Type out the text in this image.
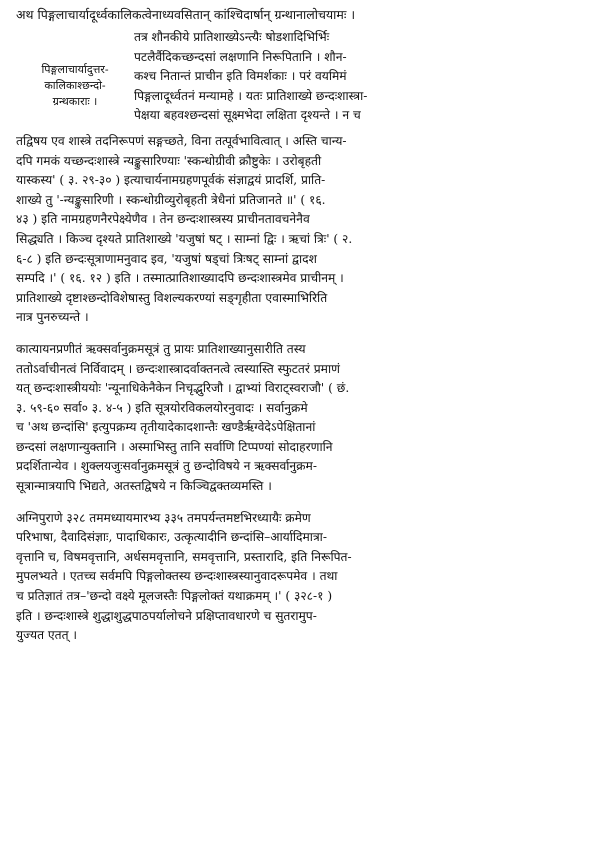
अथ पिङ्गलाचार्यादूर्ध्वकालिकत्वेनाध्यवसितान् कांश्चिदार्षान् ग्रन्थानालोचयामः ।
पिङ्गलाचार्यादुत्तर-
कालिकाश्छन्दो-
ग्रन्थकाराः ।
तत्र शौनकीये प्रातिशाख्येऽन्त्यैः षोडशादिभिर्भिः
पटलैर्वैदिकच्छन्दसां लक्षणानि निरूपितानि । शौन-
कश्च नितान्तं प्राचीन इति विमर्शकाः । परं वयमिमं
पिङ्गलादूर्ध्वतनं मन्यामहे । यतः प्रातिशाख्ये छन्दःशास्त्रा-
पेक्षया बहवश्छन्दसां सूक्ष्मभेदा लक्षिता दृश्यन्ते । न च
तद्विषय एव शास्त्रे तदनिरूपणं सङ्गच्छते, विना तत्पूर्वभावित्वात् । अस्ति चान्य-
दपि गमकं यच्छन्दःशास्त्रे न्यङ्कुसारिण्याः 'स्कन्धोग्रीवी क्रौष्टुकेः । उरोबृहती
यास्कस्य' ( ३. २९-३० ) इत्याचार्यनामग्रहणपूर्वकं संज्ञाद्वयं प्रादर्शि, प्राति-
शाख्ये तु '-न्यङ्कुसारिणी । स्कन्धोग्रीव्युरोबृहती त्रेधैनां प्रतिजानते ॥' ( १६.
४३ ) इति नामग्रहणनैरपेक्ष्येणैव । तेन छन्दःशास्त्रस्य प्राचीनतावचनेनैव
सिद्ध्यति । किञ्च दृश्यते प्रातिशाख्ये 'यजुषां षट् । साम्नां द्विः । ऋचां त्रिः' ( २.
६-८ ) इति छन्दःसूत्राणामनुवाद इव, 'यजुषां षड्चां त्रिःषट् साम्नां द्वादश
सम्पदि ।' ( १६. १२ ) इति । तस्मात्प्रातिशाख्यादपि छन्दःशास्त्रमेव प्राचीनम् ।
प्रातिशाख्ये दृष्टाश्छन्दोविशेषास्तु विशल्यकरण्यां सङ्गृहीता एवास्माभिरिति
नात्र पुनरुच्यन्ते ।
कात्यायनप्रणीतं ऋक्सर्वानुक्रमसूत्रं तु प्रायः प्रातिशाख्यानुसारीति तस्य
ततोऽर्वाचीनत्वं निर्विवादम् । छन्दःशास्त्रादर्वाक्तनत्वे त्वस्यास्ति स्फुटतरं प्रमाणं
यत् छन्दःशास्त्रीययोः 'न्यूनाधिकेनैकेन निचृद्भुरिजौ । द्वाभ्यां विराट्स्वराजौ' ( छं.
३. ५९-६० सर्वा० ३. ४-५ ) इति सूत्रयोरविकलयोरनुवादः । सर्वानुक्रमे
च 'अथ छन्दांसि' इत्युपक्रम्य तृतीयादेकादशान्तैः खण्डैर्ऋग्वेदेऽपेक्षितानां
छन्दसां लक्षणान्युक्तानि । अस्माभिस्तु तानि सर्वाणि टिप्पण्यां सोदाहरणानि
प्रदर्शितान्येव । शुक्लयजुःसर्वानुक्रमसूत्रं तु छन्दोविषये न ऋक्सर्वानुक्रम-
सूत्रान्मात्रयापि भिद्यते, अतस्तद्विषये न किञ्चिद्वक्तव्यमस्ति ।
अग्निपुराणे ३२८ तममध्यायमारभ्य ३३५ तमपर्यन्तमष्टभिरध्यायैः क्रमेण
परिभाषा, दैवादिसंज्ञाः, पादाधिकारः, उत्कृत्यादीनि छन्दांसि–आर्यादिमात्रा-
वृत्तानि च, विषमवृत्तानि, अर्धसमवृत्तानि, समवृत्तानि, प्रस्तारादि, इति निरूपित-
मुपलभ्यते । एतच्च सर्वमपि पिङ्गलोक्तस्य छन्दःशास्त्रस्यानुवादरूपमेव । तथा
च प्रतिज्ञातं तत्र–'छन्दो वक्ष्ये मूलजस्तैः पिङ्गलोक्तं यथाक्रमम् ।' ( ३२८-१ )
इति । छन्दःशास्त्रे शुद्धाशुद्धपाठपर्यालोचने प्रक्षिप्तावधारणे च सुतरामुप-
युज्यत एतत् ।
